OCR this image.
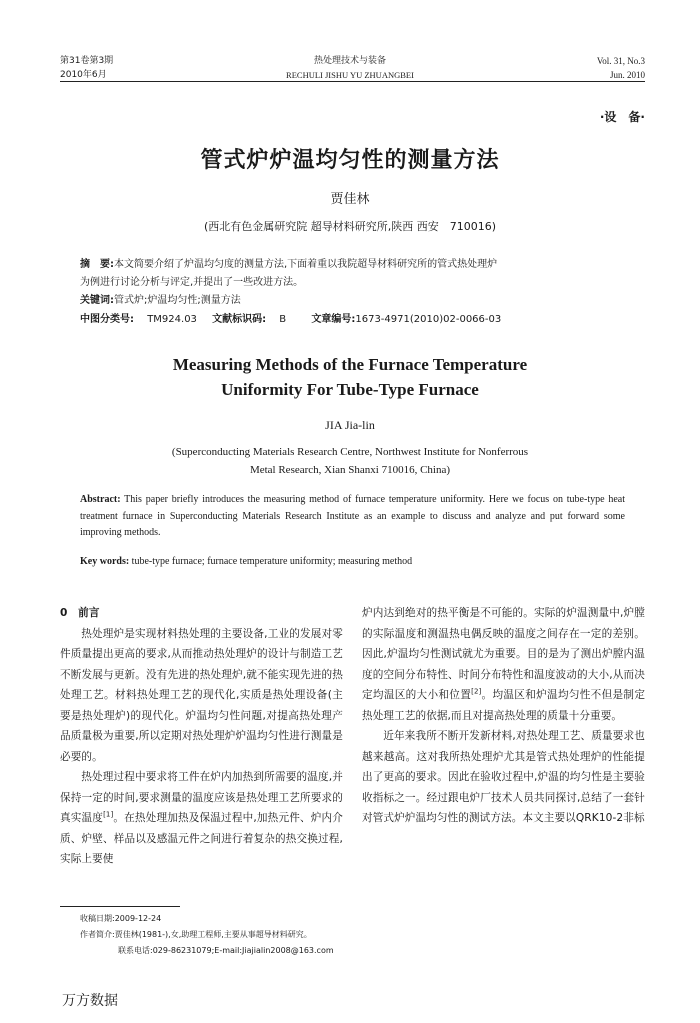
第31卷第3期
2010年6月
热处理技术与装备
RECHULI JISHU YU ZHUANGBEI
Vol. 31, No.3
Jun. 2010
·设　备·
管式炉炉温均匀性的测量方法
贾佳林
(西北有色金属研究院 超导材料研究所,陕西 西安　710016)
摘　要:本文简要介绍了炉温均匀度的测量方法,下面着重以我院超导材料研究所的管式热处理炉
为例进行讨论分析与评定,并提出了一些改进方法。
关键词:管式炉;炉温均匀性;测量方法
中图分类号: TM924.03 文献标识码: B	文章编号:1673-4971(2010)02-0066-03
Measuring Methods of the Furnace Temperature
Uniformity For Tube-Type Furnace
JIA Jia-lin
(Superconducting Materials Research Centre, Northwest Institute for Nonferrous
Metal Research, Xian Shanxi 710016, China)
Abstract: This paper briefly introduces the measuring method of furnace temperature uniformity. Here we focus on tube-type heat treatment furnace in Superconducting Materials Research Institute as an example to discuss and analyze and put forward some improving methods.
Key words: tube-type furnace; furnace temperature uniformity; measuring method

0　前言

热处理炉是实现材料热处理的主要设备,工业的发展对零件质量提出更高的要求,从而推动热处理炉的设计与制造工艺不断发展与更新。没有先进的热处理炉,就不能实现先进的热处理工艺。材料热处理工艺的现代化,实质是热处理设备(主要是热处理炉)的现代化。炉温均匀性问题,对提高热处理产品质量极为重要,所以定期对热处理炉炉温均匀性进行测量是必要的。

热处理过程中要求将工件在炉内加热到所需要的温度,并保持一定的时间,要求测量的温度应该是热处理工艺所要求的真实温度[1]。在热处理加热及保温过程中,加热元件、炉内介质、炉壁、样品以及感温元件之间进行着复杂的热交换过程,实际上要使

炉内达到绝对的热平衡是不可能的。实际的炉温测量中,炉膛的实际温度和测温热电偶反映的温度之间存在一定的差别。因此,炉温均匀性测试就尤为重要。目的是为了测出炉膛内温度的空间分布特性、时间分布特性和温度波动的大小,从而决定均温区的大小和位置[2]。均温区和炉温均匀性不但是制定热处理工艺的依据,而且对提高热处理的质量十分重要。

近年来我所不断开发新材料,对热处理工艺、质量要求也越来越高。这对我所热处理炉尤其是管式热处理炉的性能提出了更高的要求。因此在验收过程中,炉温的均匀性是主要验收指标之一。经过跟电炉厂技术人员共同探讨,总结了一套针对管式炉炉温均匀性的测试方法。本文主要以QRK10-2非标

收稿日期:2009-12-24
作者简介:贾佳林(1981-),女,助理工程师,主要从事超导材料研究。
联系电话:029-86231079;E-mail:Jiajialin2008@163.com
万方数据
